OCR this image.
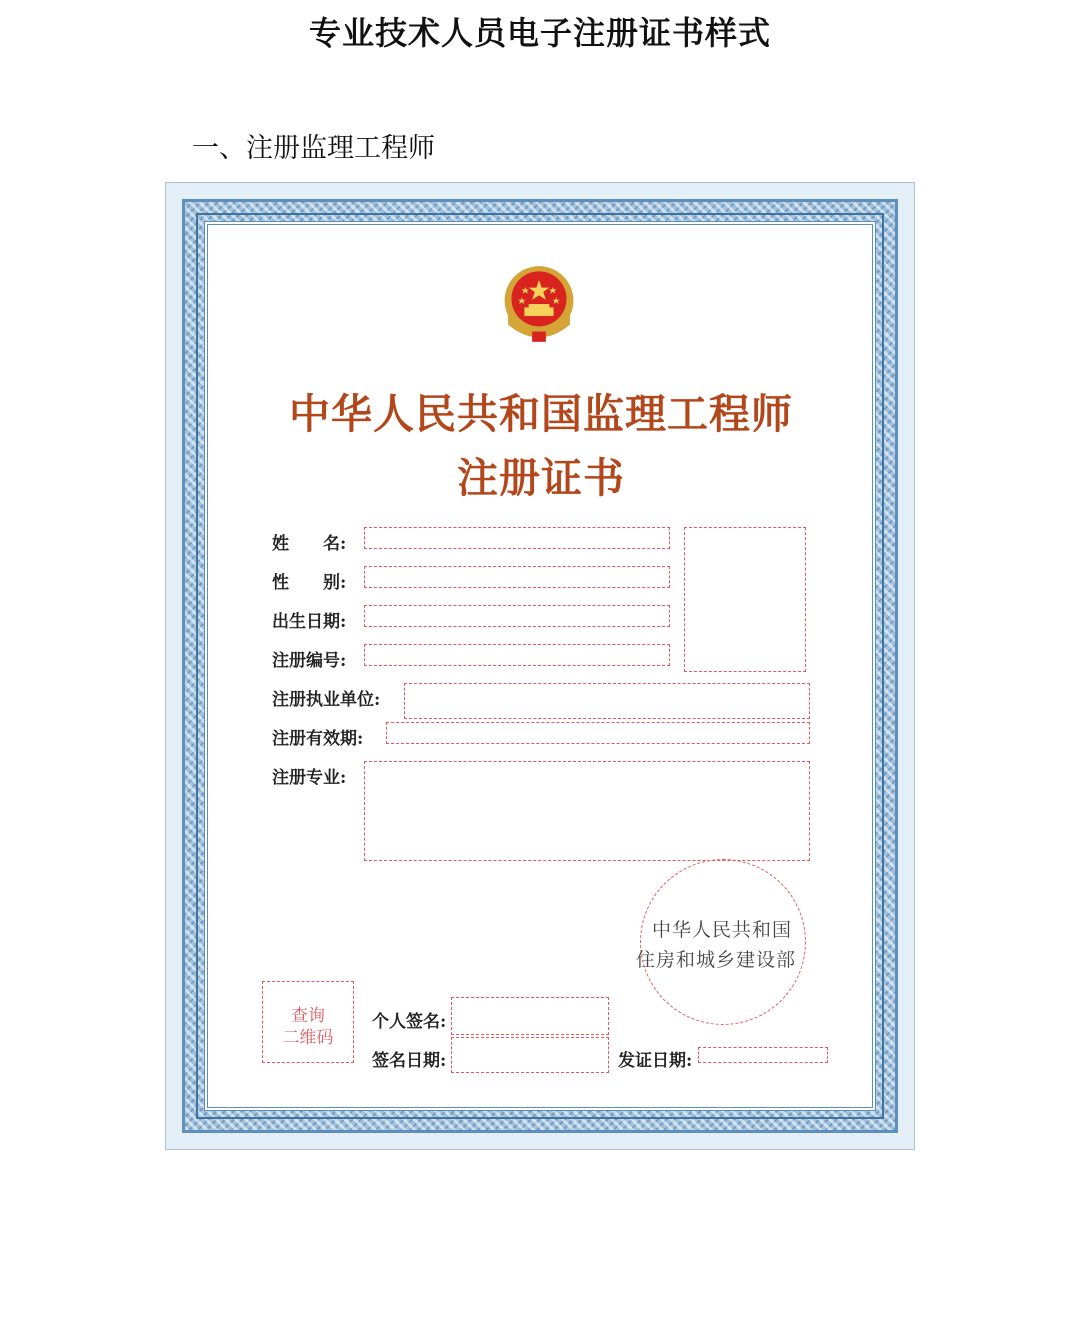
专业技术人员电子注册证书样式
一、注册监理工程师
中华人民共和国监理工程师
注册证书
姓　　名:
性　　别:
出生日期:
注册编号:
注册执业单位:
注册有效期:
注册专业:
中华人民共和国
住房和城乡建设部
查询
二维码
个人签名:
签名日期:	发证日期:
